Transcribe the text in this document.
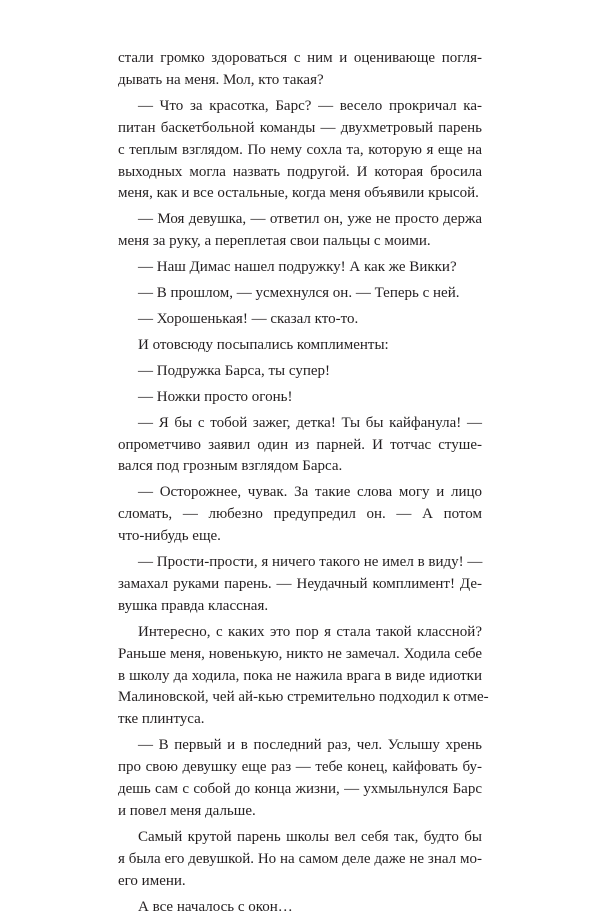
стали громко здороваться с ним и оценивающе погля-
дывать на меня. Мол, кто такая?

— Что за красотка, Барс? — весело прокричал ка-
питан баскетбольной команды — двухметровый парень
с теплым взглядом. По нему сохла та, которую я еще на
выходных могла назвать подругой. И которая бросила
меня, как и все остальные, когда меня объявили крысой.

— Моя девушка, — ответил он, уже не просто держа
меня за руку, а переплетая свои пальцы с моими.

— Наш Димас нашел подружку! А как же Викки?

— В прошлом, — усмехнулся он. — Теперь с ней.

— Хорошенькая! — сказал кто-то.

И отовсюду посыпались комплименты:

— Подружка Барса, ты супер!

— Ножки просто огонь!

— Я бы с тобой зажег, детка! Ты бы кайфанула! —
опрометчиво заявил один из парней. И тотчас стуше-
вался под грозным взглядом Барса.

— Осторожнее, чувак. За такие слова могу и лицо
сломать, — любезно предупредил он. — А потом
что-нибудь еще.

— Прости-прости, я ничего такого не имел в виду! —
замахал руками парень. — Неудачный комплимент! Де-
вушка правда классная.

Интересно, с каких это пор я стала такой классной?
Раньше меня, новенькую, никто не замечал. Ходила себе
в школу да ходила, пока не нажила врага в виде идиотки
Малиновской, чей ай-кью стремительно подходил к отме-
тке плинтуса.

— В первый и в последний раз, чел. Услышу хрень
про свою девушку еще раз — тебе конец, кайфовать бу-
дешь сам с собой до конца жизни, — ухмыльнулся Барс
и повел меня дальше.

Самый крутой парень школы вел себя так, будто бы
я была его девушкой. Но на самом деле даже не знал мо-
его имени.

А все началось с окон…
